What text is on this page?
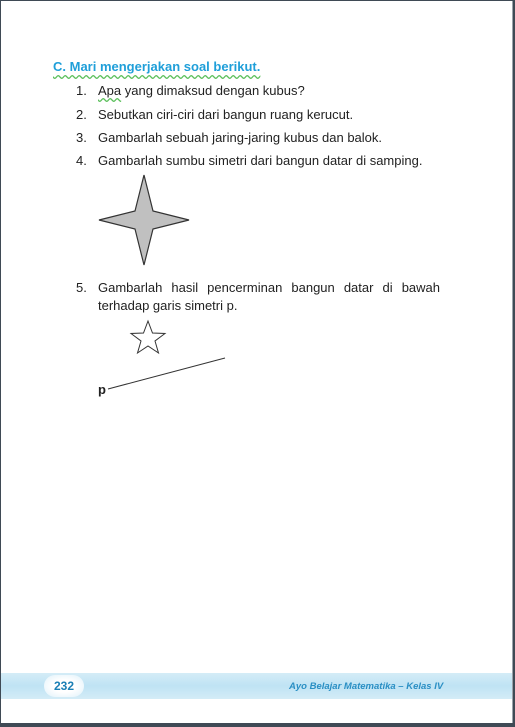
C. Mari mengerjakan soal berikut.
1. Apa yang dimaksud dengan kubus?
2. Sebutkan ciri-ciri dari bangun ruang kerucut.
3. Gambarlah sebuah jaring-jaring kubus dan balok.
4. Gambarlah sumbu simetri dari bangun datar di samping.
5. Gambarlah hasil pencerminan bangun datar di bawah
terhadap garis simetri p.
p
232	Ayo Belajar Matematika – Kelas IV
